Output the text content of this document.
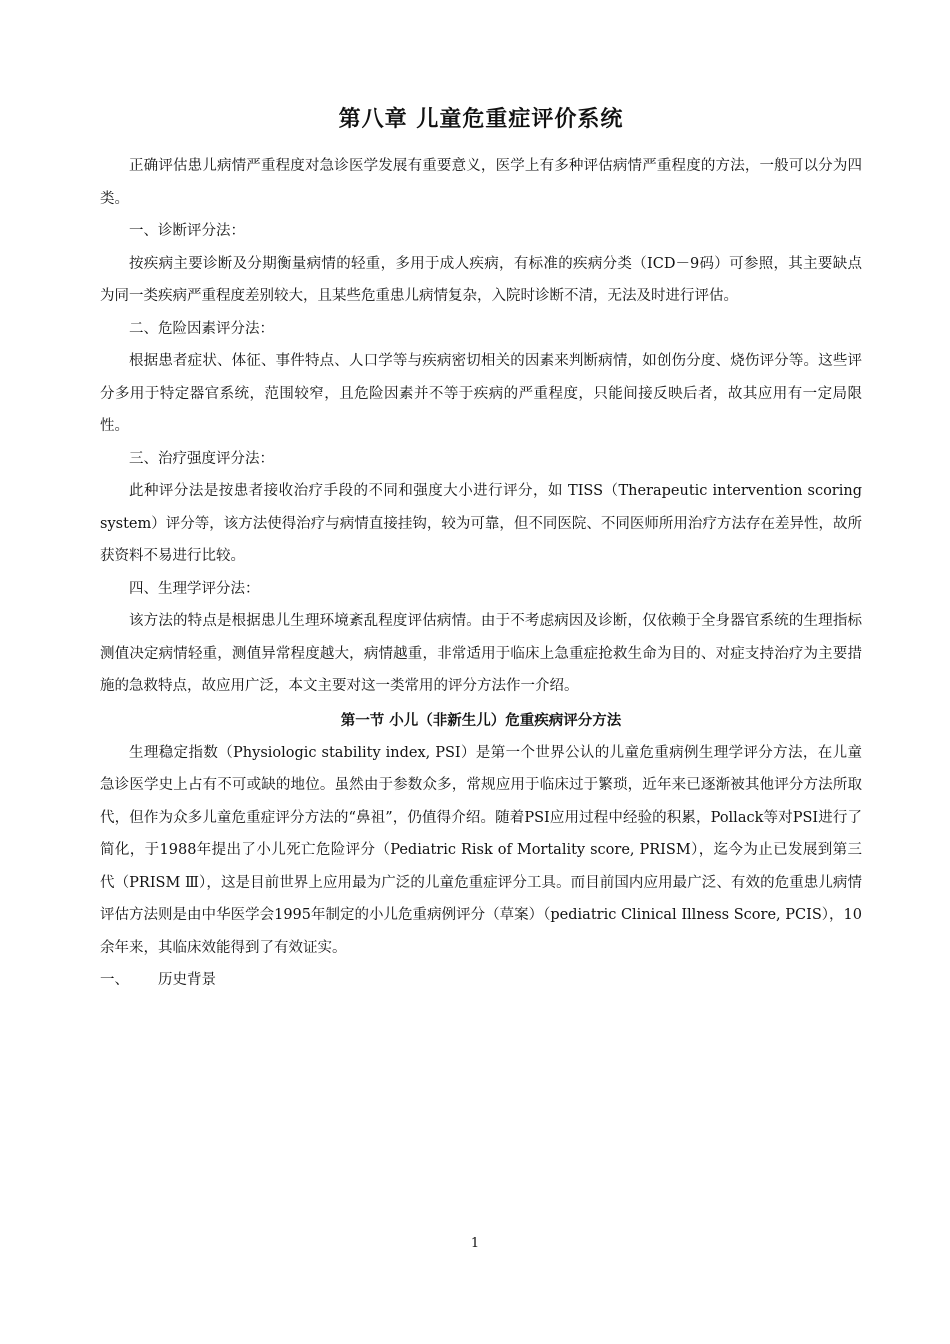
第八章 儿童危重症评价系统

正确评估患儿病情严重程度对急诊医学发展有重要意义，医学上有多种评估病情严重程度的方法，一般可以分为四类。

一、诊断评分法：

按疾病主要诊断及分期衡量病情的轻重，多用于成人疾病，有标准的疾病分类（ICD－9码）可参照，其主要缺点为同一类疾病严重程度差别较大，且某些危重患儿病情复杂，入院时诊断不清，无法及时进行评估。

二、危险因素评分法：

根据患者症状、体征、事件特点、人口学等与疾病密切相关的因素来判断病情，如创伤分度、烧伤评分等。这些评分多用于特定器官系统，范围较窄，且危险因素并不等于疾病的严重程度，只能间接反映后者，故其应用有一定局限性。

三、治疗强度评分法：

此种评分法是按患者接收治疗手段的不同和强度大小进行评分，如 TISS（Therapeutic intervention scoring system）评分等，该方法使得治疗与病情直接挂钩，较为可靠，但不同医院、不同医师所用治疗方法存在差异性，故所获资料不易进行比较。

四、生理学评分法：

该方法的特点是根据患儿生理环境紊乱程度评估病情。由于不考虑病因及诊断，仅依赖于全身器官系统的生理指标测值决定病情轻重，测值异常程度越大，病情越重，非常适用于临床上急重症抢救生命为目的、对症支持治疗为主要措施的急救特点，故应用广泛，本文主要对这一类常用的评分方法作一介绍。

第一节 小儿（非新生儿）危重疾病评分方法

生理稳定指数（Physiologic stability index, PSI）是第一个世界公认的儿童危重病例生理学评分方法，在儿童急诊医学史上占有不可或缺的地位。虽然由于参数众多，常规应用于临床过于繁琐，近年来已逐渐被其他评分方法所取代，但作为众多儿童危重症评分方法的“鼻祖”，仍值得介绍。随着PSI应用过程中经验的积累，Pollack等对PSI进行了简化，于1988年提出了小儿死亡危险评分（Pediatric Risk of Mortality score, PRISM），迄今为止已发展到第三代（PRISM Ⅲ），这是目前世界上应用最为广泛的儿童危重症评分工具。而目前国内应用最广泛、有效的危重患儿病情评估方法则是由中华医学会1995年制定的小儿危重病例评分（草案）（pediatric Clinical Illness Score, PCIS），10余年来，其临床效能得到了有效证实。

一、	历史背景
1
